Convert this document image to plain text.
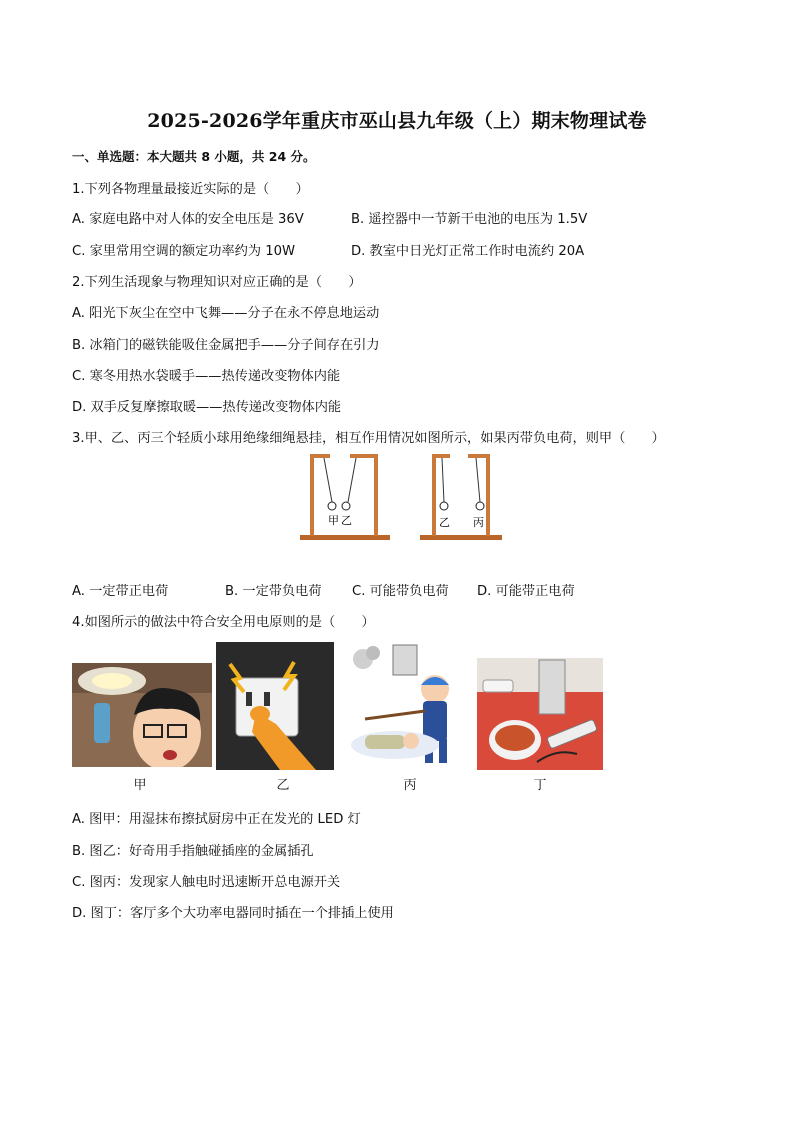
2025-2026学年重庆市巫山县九年级（上）期末物理试卷
一、单选题：本大题共 8 小题，共 24 分。
1.下列各物理量最接近实际的是（　　）
A. 家庭电路中对人体的安全电压是 36V	B. 遥控器中一节新干电池的电压为 1.5V
C. 家里常用空调的额定功率约为 10W	D. 教室中日光灯正常工作时电流约 20A
2.下列生活现象与物理知识对应正确的是（　　）
A. 阳光下灰尘在空中飞舞——分子在永不停息地运动
B. 冰箱门的磁铁能吸住金属把手——分子间存在引力
C. 寒冬用热水袋暖手——热传递改变物体内能
D. 双手反复摩擦取暖——热传递改变物体内能
3.甲、乙、丙三个轻质小球用绝缘细绳悬挂，相互作用情况如图所示，如果丙带负电荷，则甲（　　）
甲 乙	乙 丙
A. 一定带正电荷	B. 一定带负电荷 C. 可能带负电荷 D. 可能带正电荷
4.如图所示的做法中符合安全用电原则的是（　　）
甲	乙	丙	丁
A. 图甲：用湿抹布擦拭厨房中正在发光的 LED 灯
B. 图乙：好奇用手指触碰插座的金属插孔
C. 图丙：发现家人触电时迅速断开总电源开关
D. 图丁：客厅多个大功率电器同时插在一个排插上使用
